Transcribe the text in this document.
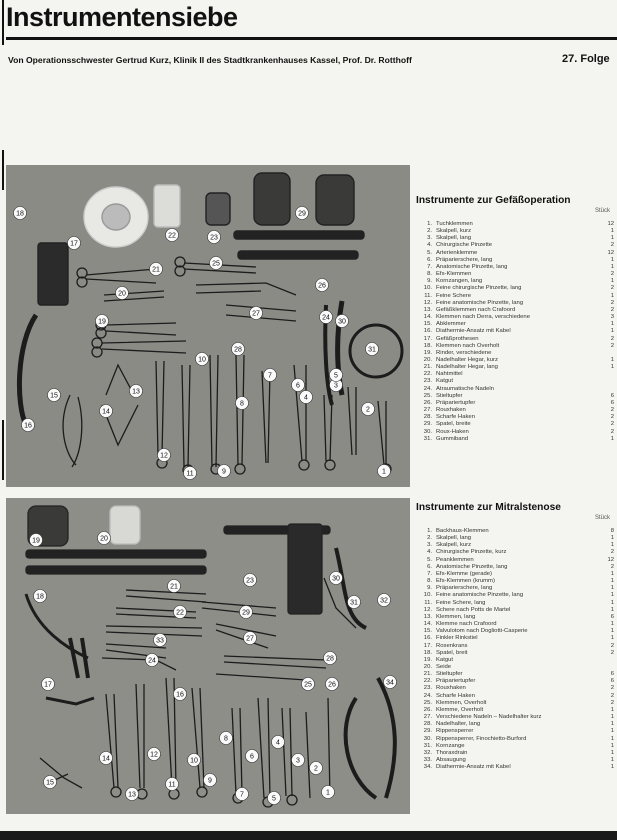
Instrumentensiebe
Von Operationsschwester Gertrud Kurz, Klinik II des Stadtkrankenhauses Kassel, Prof. Dr. Rotthoff	27. Folge
1
2
3
4
5
6
7
8
9
10
11
12
13
14
15
16
17
18
19
20
21
22	23
24
25
26
27
28
29
30
31
1
2
3
4
5
6
7
8
9
10
11
12
13
14
15
16
17
18
19	20
21
22
23
24
25 26
27
28
29
30
31	32
33
34
Instrumente zur Gefäßoperation
Stück
1. Tuchklemmen	12
2. Skalpell, kurz	1
3. Skalpell, lang	1
4. Chirurgische Pinzette	2
5. Arterienklemme	12
6. Präparierschere, lang	1
7. Anatomische Pinzette, lang	1
8. Efs-Klemmen	2
9. Kornzangen, lang	1
10. Feine chirurgische Pinzette, lang	2
11. Feine Schere	1
12. Feine anatomische Pinzette, lang	2
13. Gefäßklemmen nach Crafoord	2
14. Klemmen nach Derra, verschiedene	3
15. Abklemmer	1
16. Diathermie-Ansatz mit Kabel	1
17. Gefäßprothesen	2
18. Klemmen nach Overholt	2
19. Rinder, verschiedene
20. Nadelhalter Hegar, kurz	1
21. Nadelhalter Hegar, lang	1
22. Nahtmittel
23. Katgut
24. Atraumatische Nadeln
25. Stieltupfer	6
26. Präpariertupfer	6
27. Rouxhaken	2
28. Scharfe Haken	2
29. Spatel, breite	2
30. Roux-Haken	2
31. Gummiband	1
Instrumente zur Mitralstenose
Stück
1. Backhaus-Klemmen	8
2. Skalpell, lang	1
3. Skalpell, kurz	1
4. Chirurgische Pinzette, kurz	2
5. Peanklemmen	12
6. Anatomische Pinzette, lang	2
7. Efs-Klemme (gerade)	1
8. Efs-Klemmen (krumm)	1
9. Präparierschere, lang	1
10. Feine anatomische Pinzette, lang	1
11. Feine Schere, lang	1
12. Schere nach Potts de Martel	1
13. Klemmen, lang	6
14. Klemme nach Crafoord	1
15. Valvulotom nach Dogliotti-Casperie	1
16. Finkler Rinkstiel	1
17. Rosenkrans	2
18. Spatel, breit	2
19. Katgut
20. Seide
21. Stieltupfer	6
22. Präpariertupfer	6
23. Rouxhaken	2
24. Scharfe Haken	2
25. Klemmen, Overholt	2
26. Klemme, Overholt	1
27. Verschiedene Nadeln – Nadelhalter kurz	1
28. Nadelhalter, lang	1
29. Rippensperrer	1
30. Rippensperrer, Finochietto-Burford	1
31. Kornzange	1
32. Thoraxdrain	1
33. Absaugung	1
34. Diathermie-Ansatz mit Kabel	1
